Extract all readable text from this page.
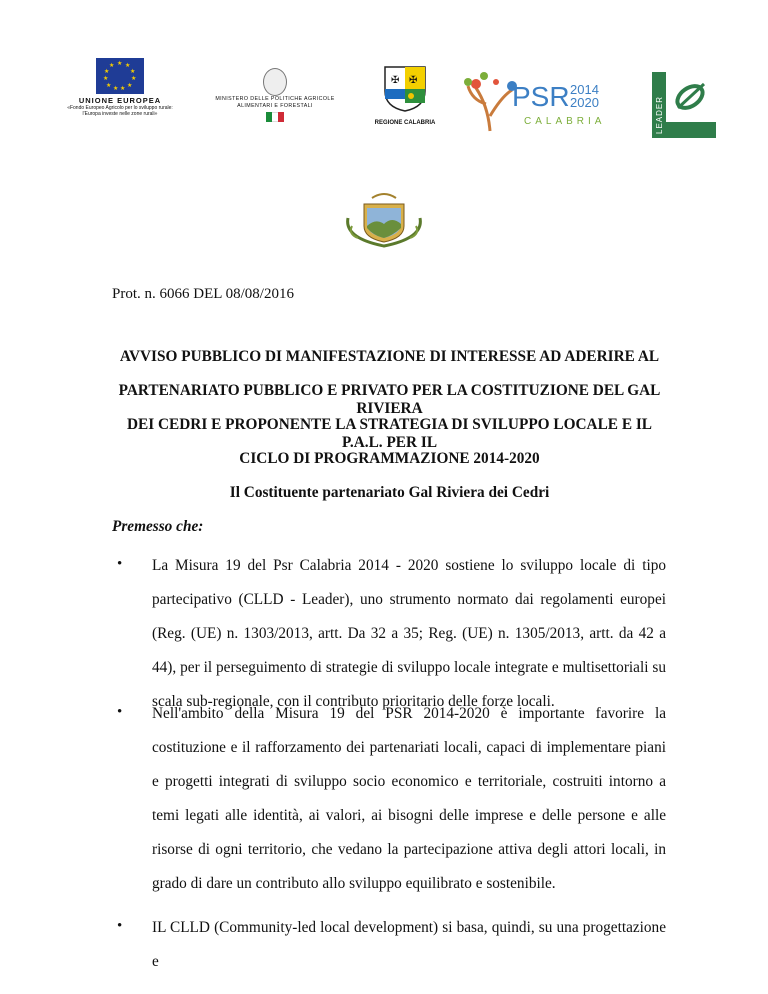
★ ★
★
★
★
★
★
★
★
★
★
UNIONE EUROPEA
«Fondo Europeo Agricolo per lo sviluppo rurale:
l'Europa investe nelle zone rurali»
MINISTERO DELLE POLITICHE AGRICOLE
ALIMENTARI E FORESTALI
✠ ✠
REGIONE CALABRIA
PSR 2014
2020
CALABRIA	LEADER
Prot. n. 6066 DEL 08/08/2016
AVVISO PUBBLICO DI MANIFESTAZIONE DI INTERESSE AD ADERIRE AL
PARTENARIATO PUBBLICO E PRIVATO PER LA COSTITUZIONE DEL GAL RIVIERA
DEI CEDRI E PROPONENTE LA STRATEGIA DI SVILUPPO LOCALE E IL P.A.L. PER IL
CICLO DI PROGRAMMAZIONE 2014-2020
Il Costituente partenariato Gal Riviera dei Cedri
Premesso che:
• La Misura 19 del Psr Calabria 2014 - 2020 sostiene lo sviluppo locale di tipo partecipativo (CLLD - Leader), uno strumento normato dai regolamenti europei (Reg. (UE) n. 1303/2013, artt. Da 32 a 35; Reg. (UE) n. 1305/2013, artt. da 42 a 44), per il perseguimento di strategie di sviluppo locale integrate e multisettoriali su scala sub-regionale, con il contributo prioritario delle forze locali.
• Nell'ambito della Misura 19 del PSR 2014-2020 è importante favorire la costituzione e il rafforzamento dei partenariati locali, capaci di implementare piani e progetti integrati di sviluppo socio economico e territoriale, costruiti intorno a temi legati alle identità, ai valori, ai bisogni delle imprese e delle persone e alle risorse di ogni territorio, che vedano la partecipazione attiva degli attori locali, in grado di dare un contributo allo sviluppo equilibrato e sostenibile.
• IL CLLD (Community-led local development) si basa, quindi, su una progettazione e
